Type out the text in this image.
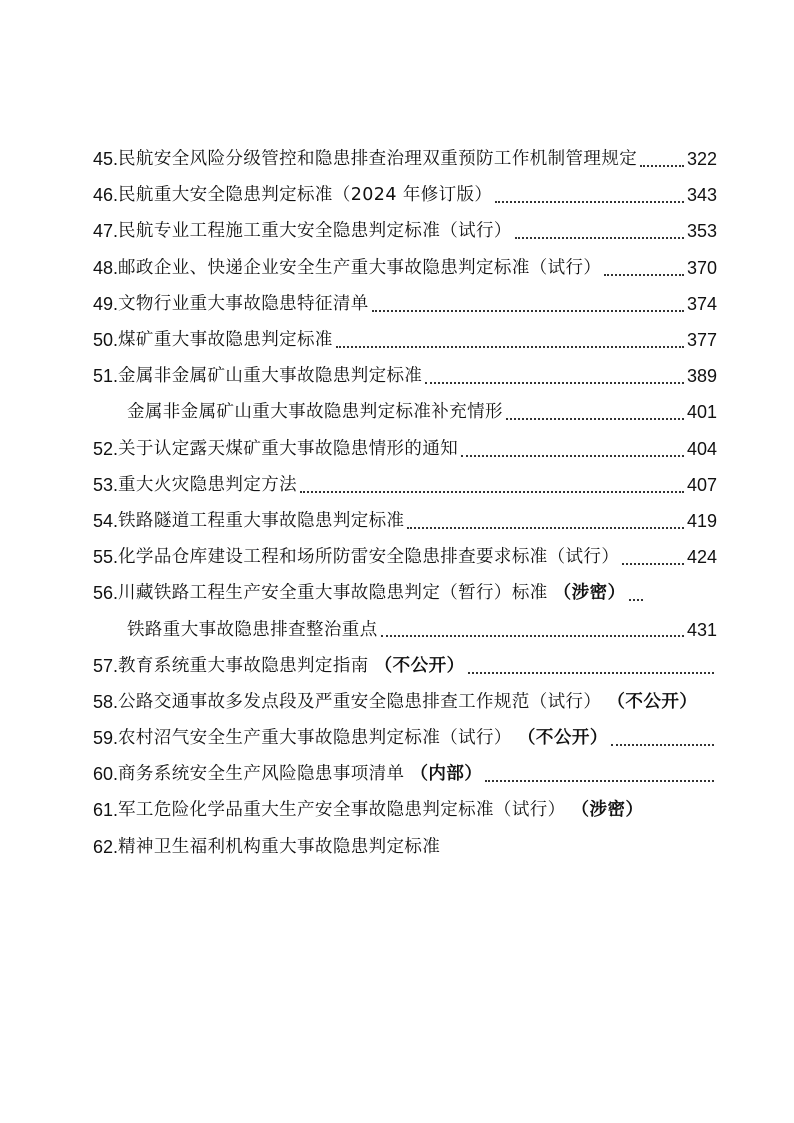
45. 民航安全风险分级管控和隐患排查治理双重预防工作机制管理规定	322
46. 民航重大安全隐患判定标准（2024 年修订版）	343
47. 民航专业工程施工重大安全隐患判定标准（试行）	353
48. 邮政企业、快递企业安全生产重大事故隐患判定标准（试行）	370
49. 文物行业重大事故隐患特征清单	374
50. 煤矿重大事故隐患判定标准	377
51. 金属非金属矿山重大事故隐患判定标准	389
金属非金属矿山重大事故隐患判定标准补充情形	401
52. 关于认定露天煤矿重大事故隐患情形的通知	404
53. 重大火灾隐患判定方法	407
54. 铁路隧道工程重大事故隐患判定标准	419
55. 化学品仓库建设工程和场所防雷安全隐患排查要求标准（试行）	424
56. 川藏铁路工程生产安全重大事故隐患判定（暂行）标准 （涉密）
铁路重大事故隐患排查整治重点	431
57. 教育系统重大事故隐患判定指南 （不公开）
58. 公路交通事故多发点段及严重安全隐患排查工作规范（试行） （不公开）
59. 农村沼气安全生产重大事故隐患判定标准（试行） （不公开）
60. 商务系统安全生产风险隐患事项清单 （内部）
61. 军工危险化学品重大生产安全事故隐患判定标准（试行） （涉密）
62. 精神卫生福利机构重大事故隐患判定标准
